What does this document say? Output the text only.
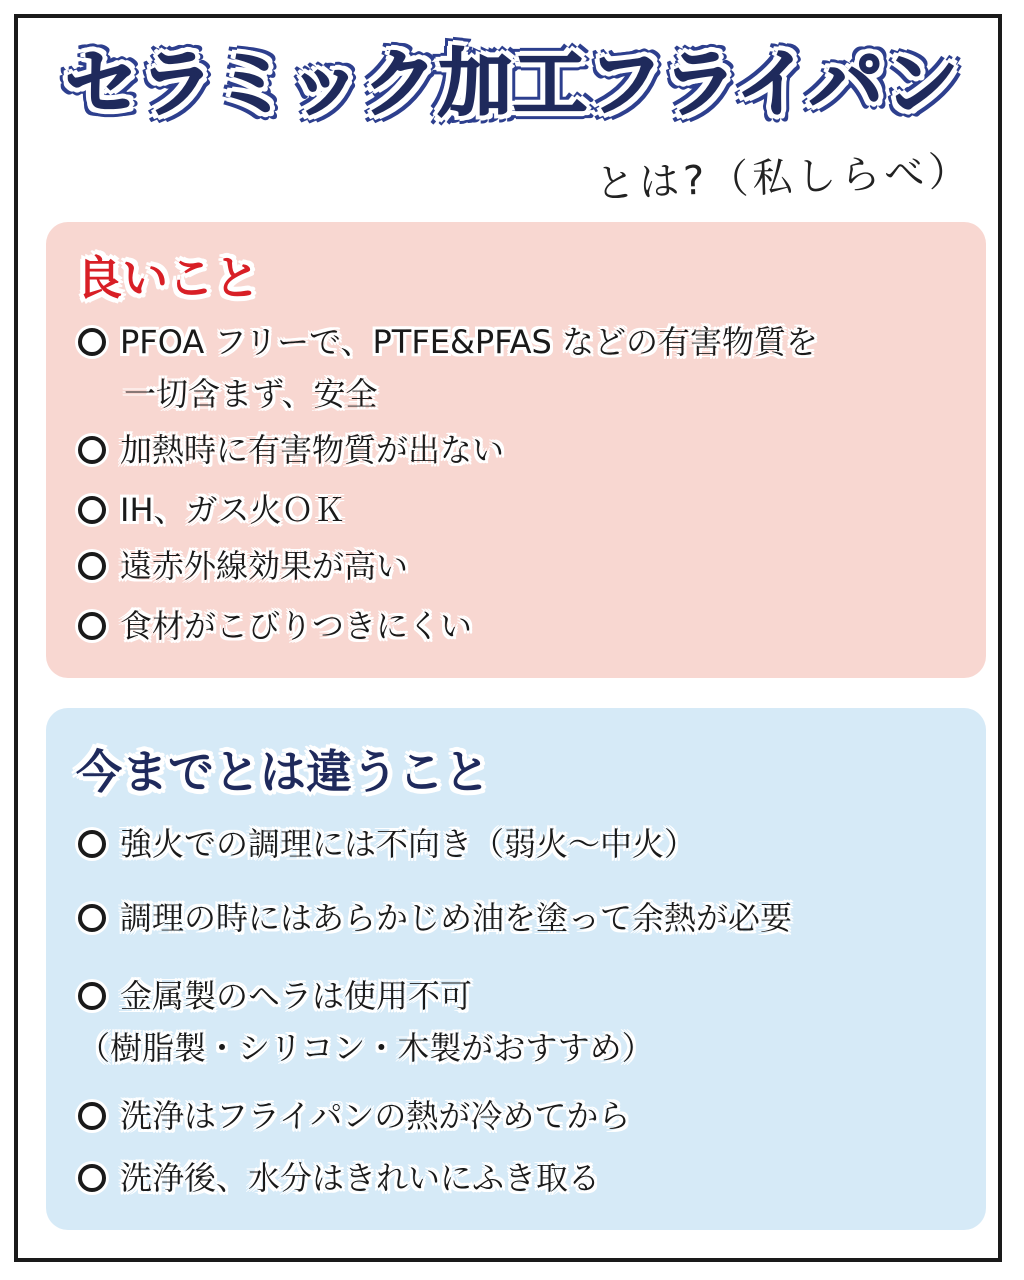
セラミック加工フライパン
とは?（私しらべ）
良いこと
PFOA フリーで、PTFE&PFAS などの有害物質を
一切含まず、安全
加熱時に有害物質が出ない
IH、ガス火ＯＫ
遠赤外線効果が高い
食材がこびりつきにくい
今までとは違うこと
強火での調理には不向き（弱火〜中火）
調理の時にはあらかじめ油を塗って余熱が必要
金属製のヘラは使用不可
（樹脂製・シリコン・木製がおすすめ）
洗浄はフライパンの熱が冷めてから
洗浄後、水分はきれいにふき取る
